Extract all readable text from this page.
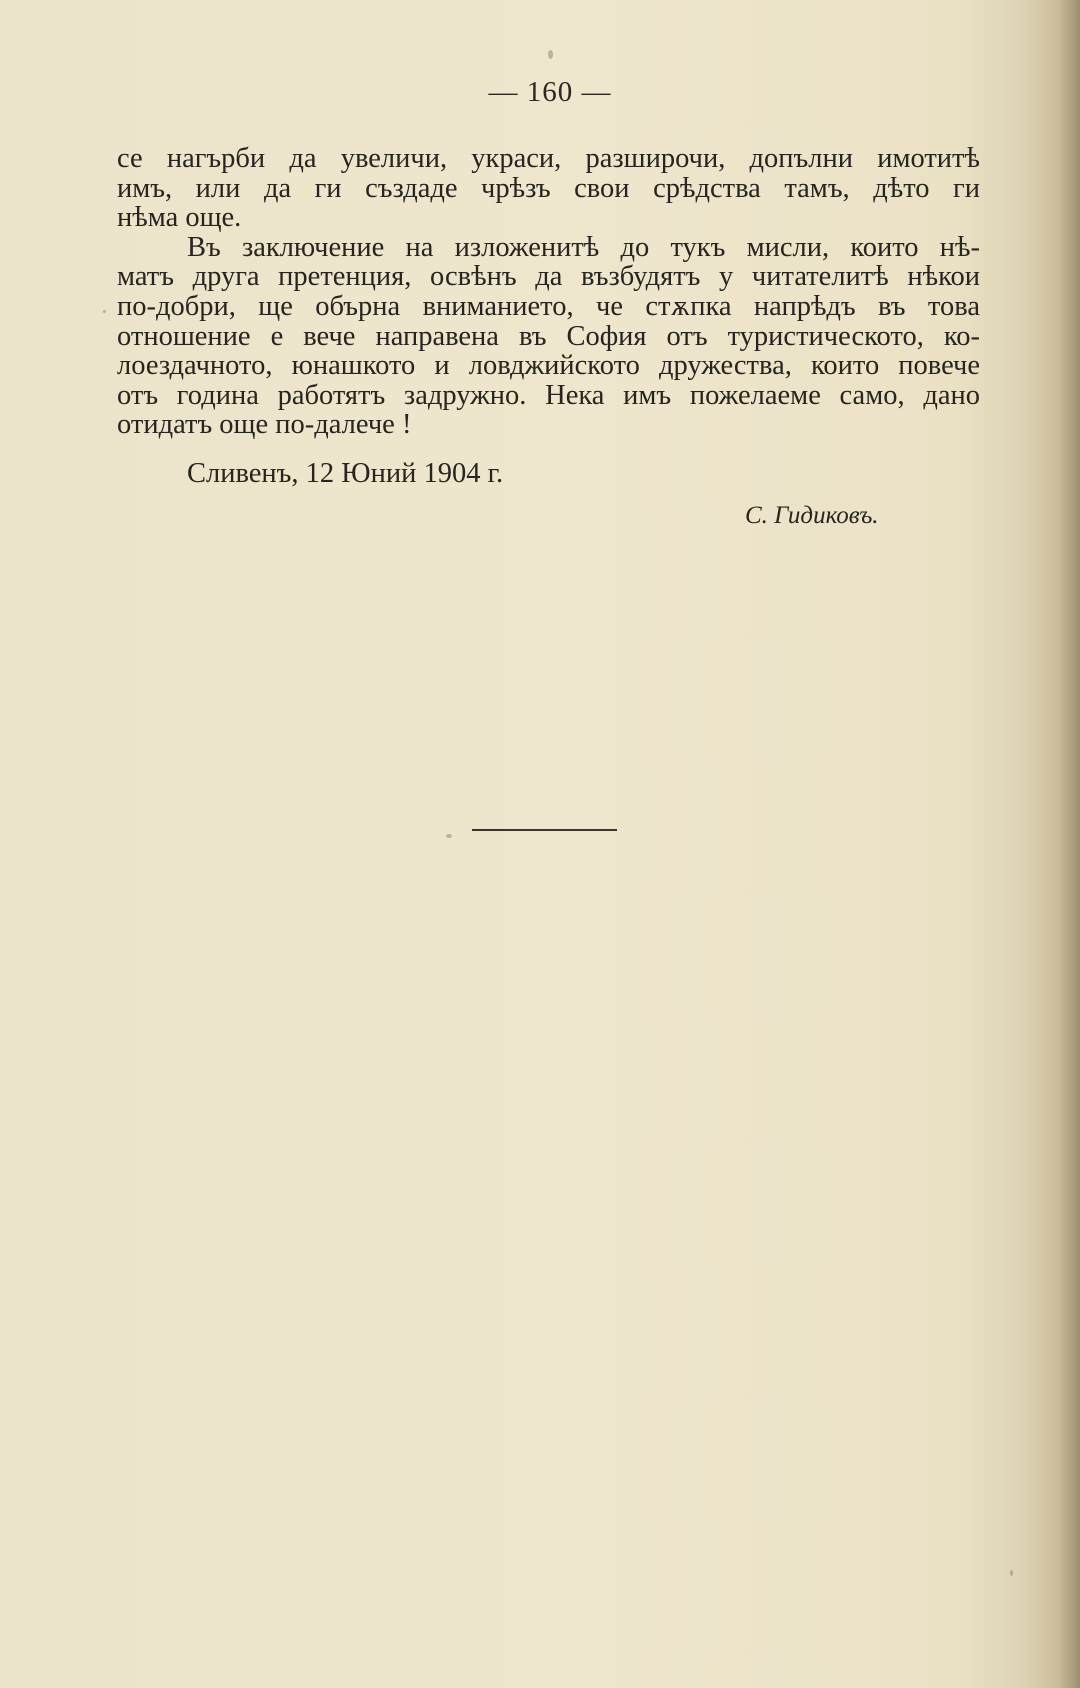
— 160 —
се нагърби да увеличи, украси, разширочи, допълни имотитѣ
имъ, или да ги създаде чрѣзъ свои срѣдства тамъ, дѣто ги
нѣма още.
Въ заключение на изложенитѣ до тукъ мисли, които нѣ-
матъ друга претенция, освѣнъ да възбудятъ у читателитѣ нѣкои
по-добри, ще обърна вниманието, че стѫпка напрѣдъ въ това
отношение е вече направена въ София отъ туристическото, ко-
лоездачното, юнашкото и ловджийското дружества, които повече
отъ година работятъ задружно. Нека имъ пожелаеме само, дано
отидатъ още по-далече !
Сливенъ, 12 Юний 1904 г.
С. Гидиковъ.
